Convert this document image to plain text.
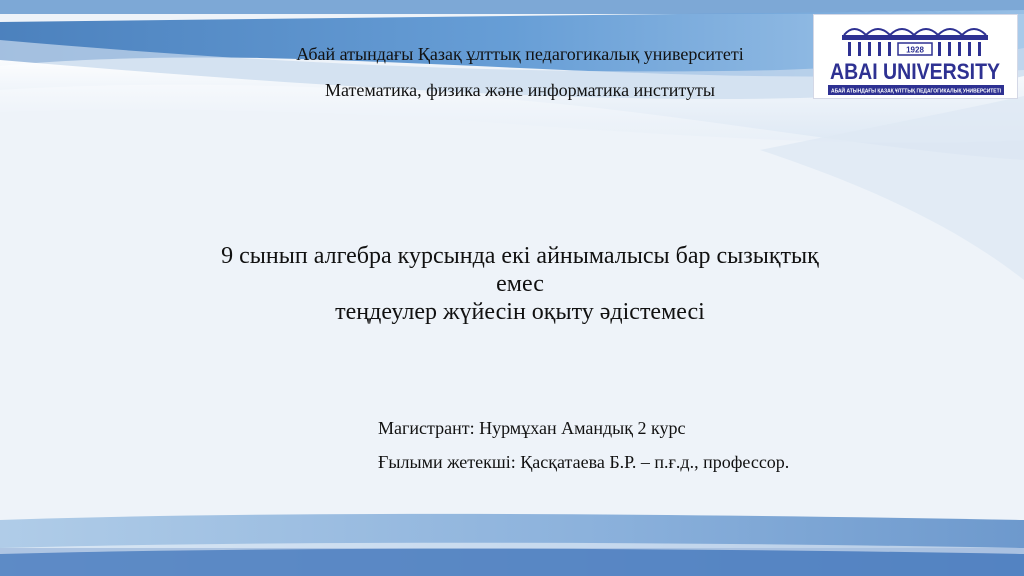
Абай атындағы Қазақ ұлттық педагогикалық университеті
Математика, физика және информатика институты
1928
ABAI UNIVERSITY
АБАЙ АТЫНДАҒЫ ҚАЗАҚ ҰЛТТЫҚ ПЕДАГОГИКАЛЫҚ УНИВЕРСИТЕТІ
9 сынып алгебра курсында екі айнымалысы бар сызықтық
емес
теңдеулер жүйесін оқыту әдістемесі
Магистрант: Нурмұхан Амандық 2 курс
Ғылыми жетекші: Қасқатаева Б.Р. – п.ғ.д., профессор.
